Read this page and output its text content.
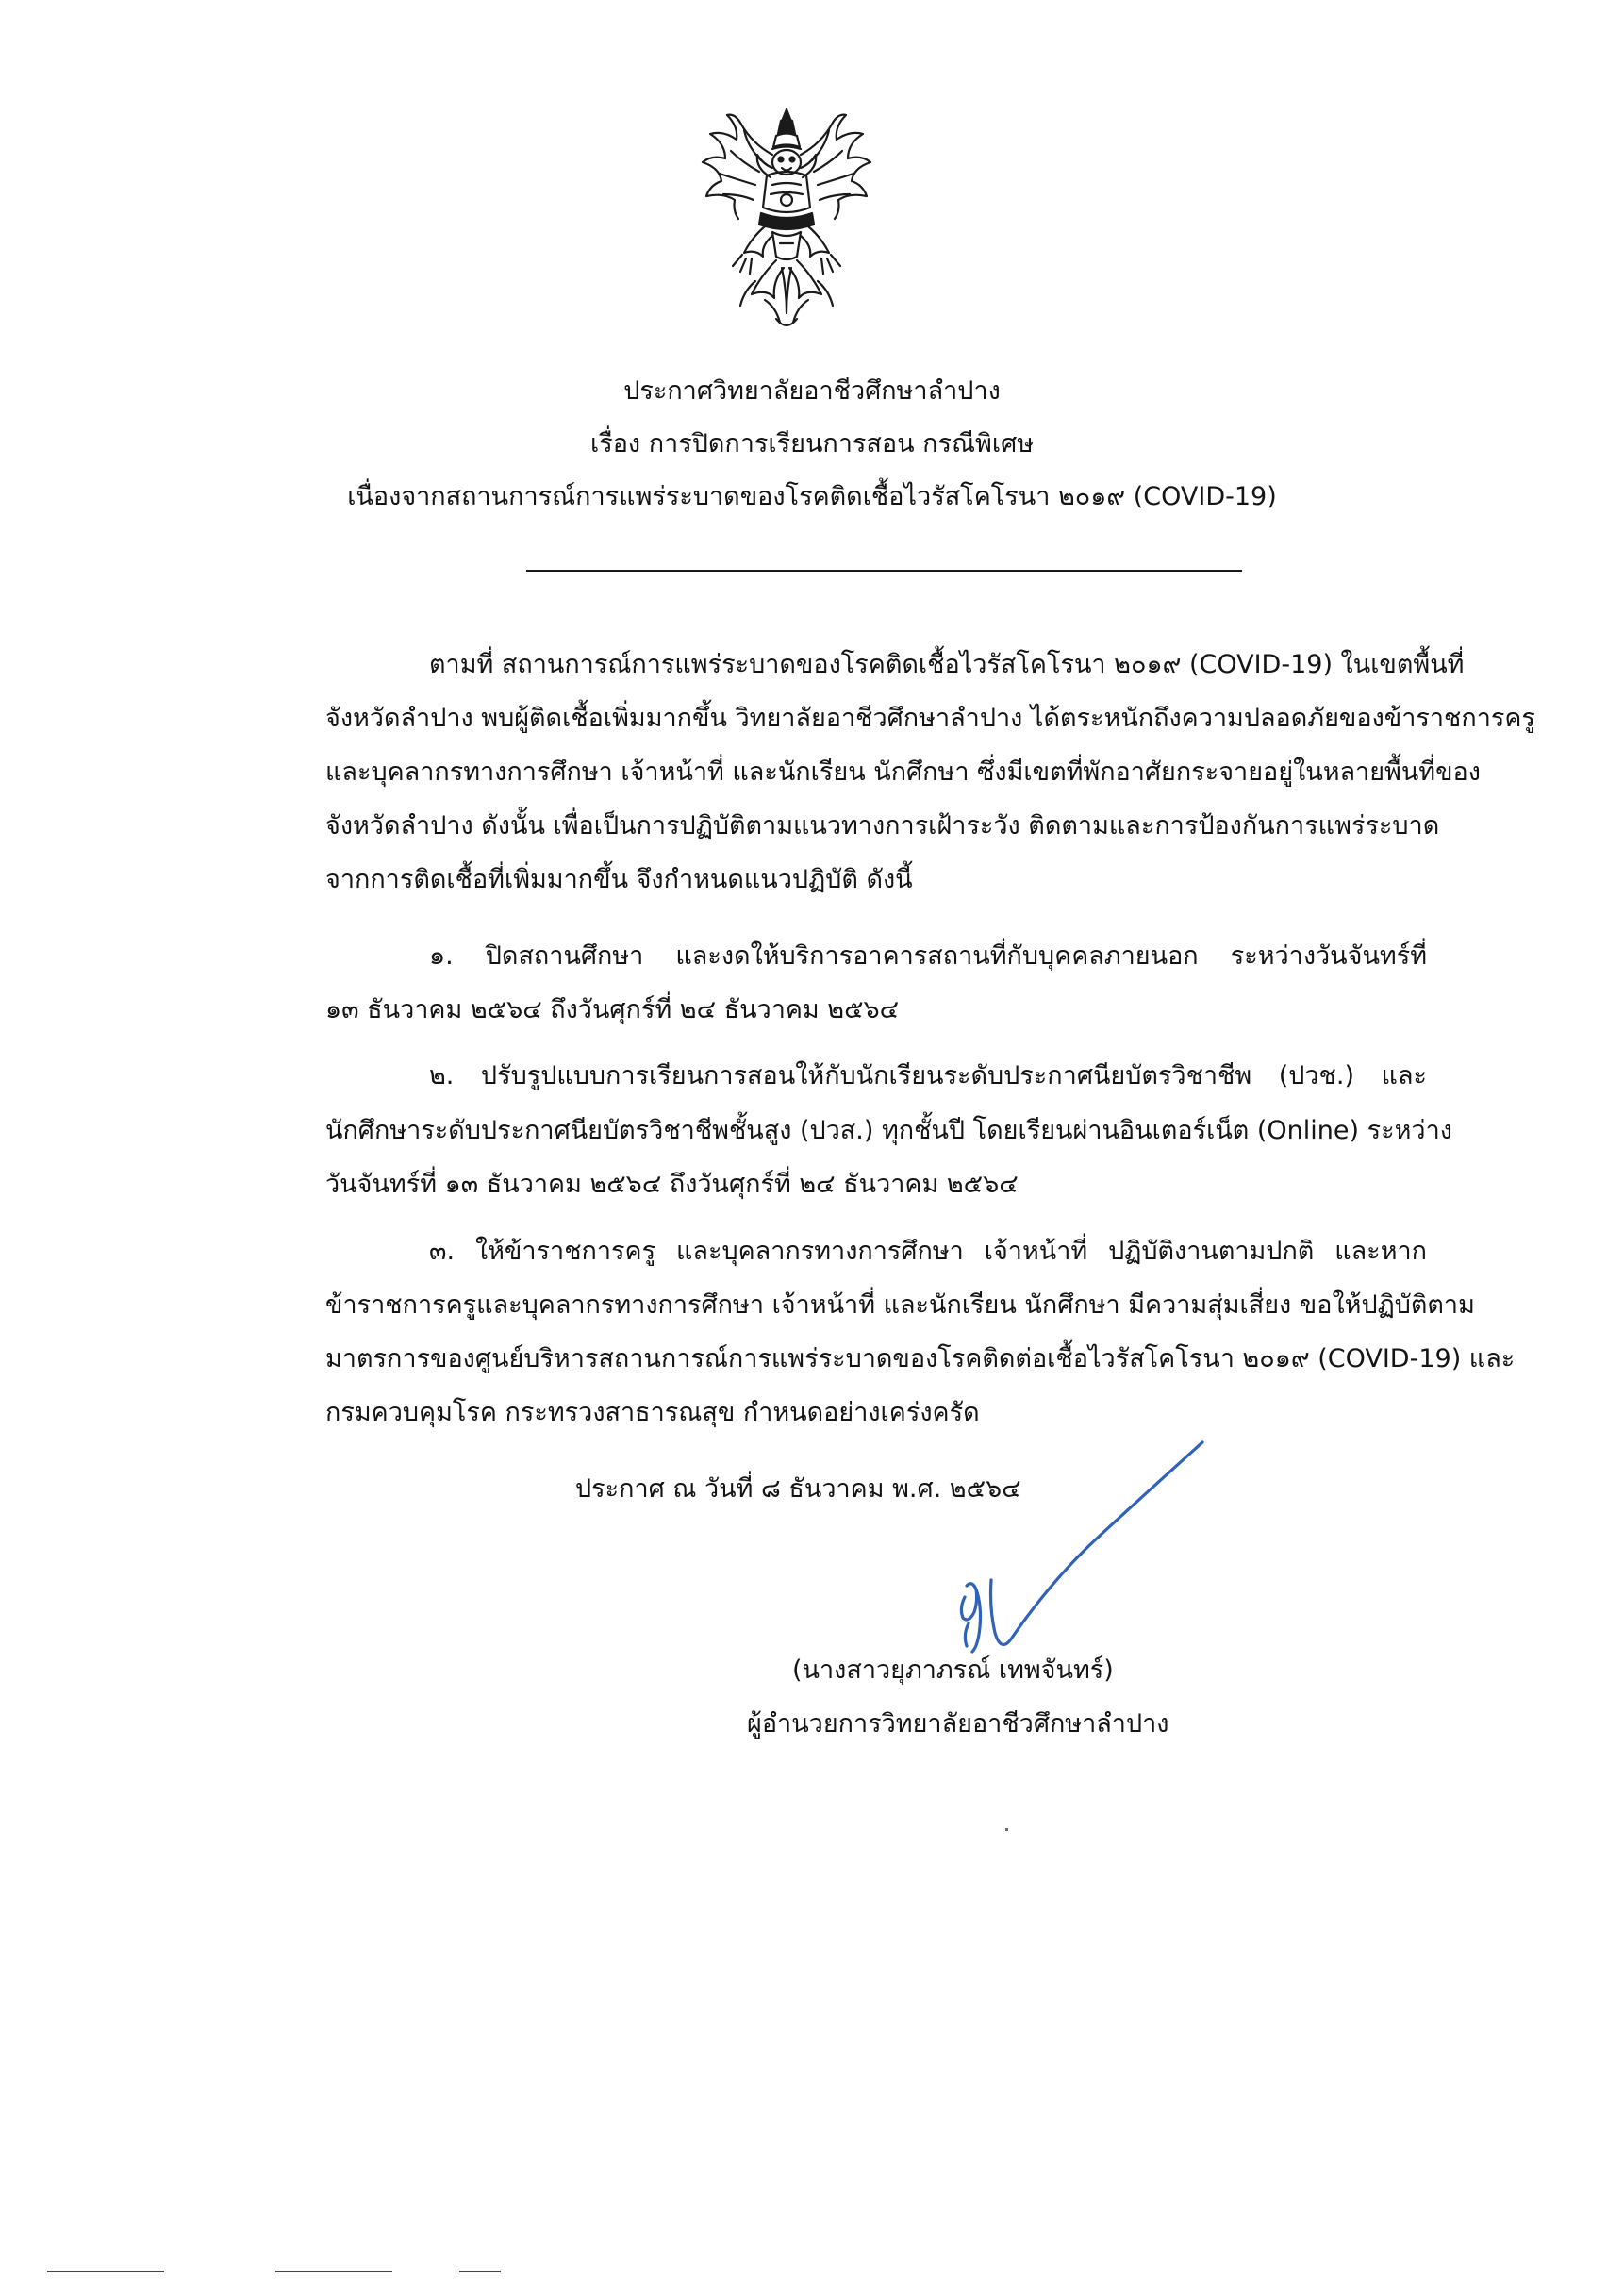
ประกาศวิทยาลัยอาชีวศึกษาลำปาง
เรื่อง การปิดการเรียนการสอน กรณีพิเศษ
เนื่องจากสถานการณ์การแพร่ระบาดของโรคติดเชื้อไวรัสโคโรนา ๒๐๑๙ (COVID-19)
ตามที่ สถานการณ์การแพร่ระบาดของโรคติดเชื้อไวรัสโคโรนา ๒๐๑๙ (COVID-19) ในเขตพื้นที่
จังหวัดลำปาง พบผู้ติดเชื้อเพิ่มมากขึ้น วิทยาลัยอาชีวศึกษาลำปาง ได้ตระหนักถึงความปลอดภัยของข้าราชการครู
และบุคลากรทางการศึกษา เจ้าหน้าที่ และนักเรียน นักศึกษา ซึ่งมีเขตที่พักอาศัยกระจายอยู่ในหลายพื้นที่ของ
จังหวัดลำปาง ดังนั้น เพื่อเป็นการปฏิบัติตามแนวทางการเฝ้าระวัง ติดตามและการป้องกันการแพร่ระบาด
จากการติดเชื้อที่เพิ่มมากขึ้น จึงกำหนดแนวปฏิบัติ ดังนี้
๑. ปิดสถานศึกษา และงดให้บริการอาคารสถานที่กับบุคคลภายนอก ระหว่างวันจันทร์ที่
๑๓ ธันวาคม ๒๕๖๔ ถึงวันศุกร์ที่ ๒๔ ธันวาคม ๒๕๖๔
๒. ปรับรูปแบบการเรียนการสอนให้กับนักเรียนระดับประกาศนียบัตรวิชาชีพ (ปวช.) และ
นักศึกษาระดับประกาศนียบัตรวิชาชีพชั้นสูง (ปวส.) ทุกชั้นปี โดยเรียนผ่านอินเตอร์เน็ต (Online) ระหว่าง
วันจันทร์ที่ ๑๓ ธันวาคม ๒๕๖๔ ถึงวันศุกร์ที่ ๒๔ ธันวาคม ๒๕๖๔
๓. ให้ข้าราชการครู และบุคลากรทางการศึกษา เจ้าหน้าที่ ปฏิบัติงานตามปกติ และหาก
ข้าราชการครูและบุคลากรทางการศึกษา เจ้าหน้าที่ และนักเรียน นักศึกษา มีความสุ่มเสี่ยง ขอให้ปฏิบัติตาม
มาตรการของศูนย์บริหารสถานการณ์การแพร่ระบาดของโรคติดต่อเชื้อไวรัสโคโรนา ๒๐๑๙ (COVID-19) และ
กรมควบคุมโรค กระทรวงสาธารณสุข กำหนดอย่างเคร่งครัด
ประกาศ ณ วันที่ ๘ ธันวาคม พ.ศ. ๒๕๖๔
(นางสาวยุภาภรณ์ เทพจันทร์)
ผู้อำนวยการวิทยาลัยอาชีวศึกษาลำปาง
